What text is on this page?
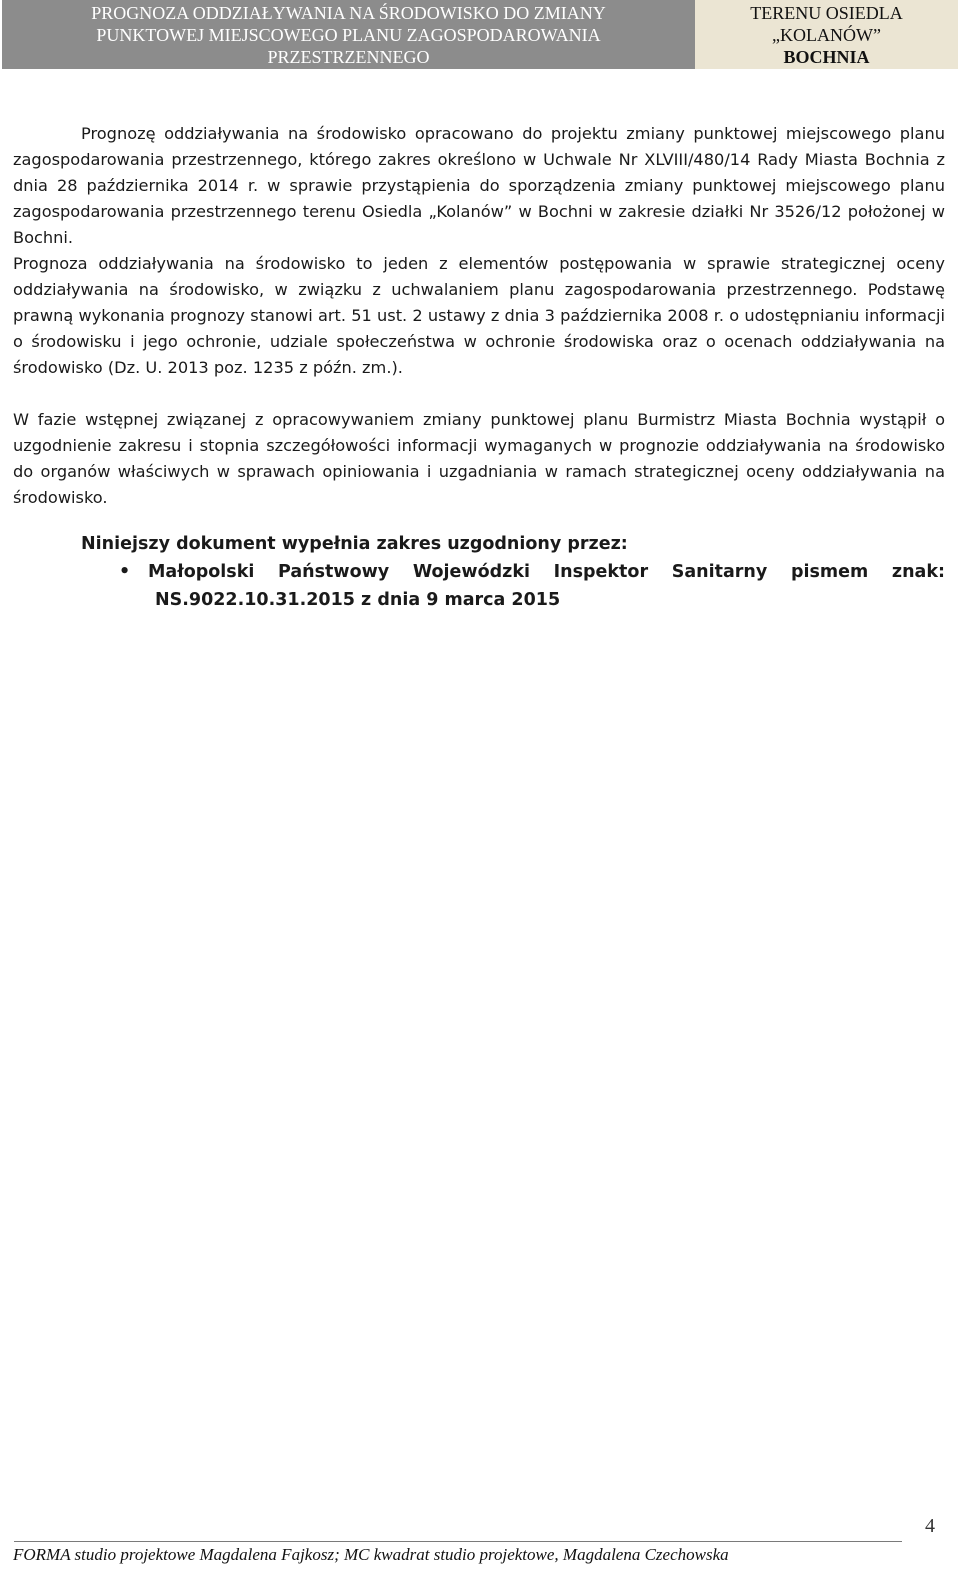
PROGNOZA ODDZIAŁYWANIA NA ŚRODOWISKO DO ZMIANY
PUNKTOWEJ MIEJSCOWEGO PLANU ZAGOSPODAROWANIA
PRZESTRZENNEGO
TERENU OSIEDLA
„KOLANÓW”
BOCHNIA

Prognozę oddziaływania na środowisko opracowano do projektu zmiany punktowej miejscowego planu zagospodarowania przestrzennego, którego zakres określono w Uchwale Nr XLVIII/480/14 Rady Miasta Bochnia z dnia 28 października 2014 r. w sprawie przystąpienia do sporządzenia zmiany punktowej miejscowego planu zagospodarowania przestrzennego terenu Osiedla „Kolanów” w Bochni w zakresie działki Nr 3526/12 położonej w Bochni.

Prognoza oddziaływania na środowisko to jeden z elementów postępowania w sprawie strategicznej oceny oddziaływania na środowisko, w związku z uchwalaniem planu zagospodarowania przestrzennego. Podstawę prawną wykonania prognozy stanowi art. 51 ust. 2 ustawy z dnia 3 października 2008 r. o udostępnianiu informacji o środowisku i jego ochronie, udziale społeczeństwa w ochronie środowiska oraz o ocenach oddziaływania na środowisko (Dz. U. 2013 poz. 1235 z późn. zm.).

W fazie wstępnej związanej z opracowywaniem zmiany punktowej planu Burmistrz Miasta Bochnia wystąpił o uzgodnienie zakresu i stopnia szczegółowości informacji wymaganych w prognozie oddziaływania na środowisko do organów właściwych w sprawach opiniowania i uzgadniania w ramach strategicznej oceny oddziaływania na środowisko.

Niniejszy dokument wypełnia zakres uzgodniony przez:

• Małopolski Państwowy Wojewódzki Inspektor Sanitarny pismem znak:
NS.9022.10.31.2015 z dnia 9 marca 2015
4
FORMA studio projektowe Magdalena Fajkosz; MC kwadrat studio projektowe, Magdalena Czechowska
